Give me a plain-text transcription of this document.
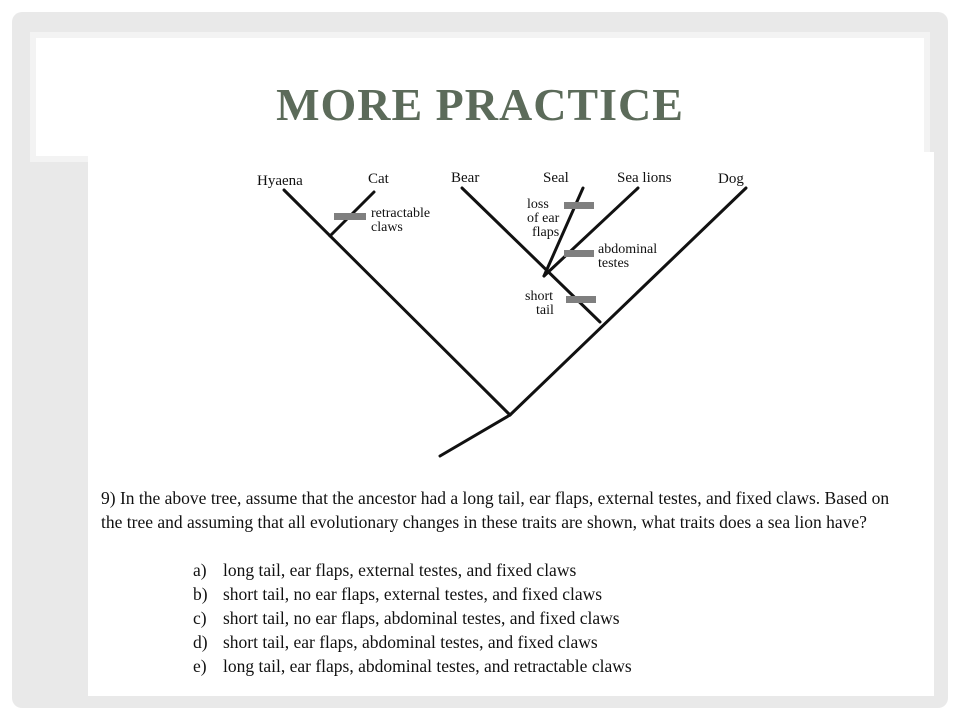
MORE PRACTICE
Hyaena	Cat	Bear	Seal	Sea lions	Dog
retractable
claws
loss
of ear
flaps
abdominal
testes
short
tail
9) In the above tree, assume that the ancestor had a long tail, ear flaps, external testes, and fixed claws. Based on the tree and assuming that all evolutionary changes in these traits are shown, what traits does a sea lion have?
a) long tail, ear flaps, external testes, and fixed claws
b) short tail, no ear flaps, external testes, and fixed claws
c) short tail, no ear flaps, abdominal testes, and fixed claws
d) short tail, ear flaps, abdominal testes, and fixed claws
e) long tail, ear flaps, abdominal testes, and retractable claws
